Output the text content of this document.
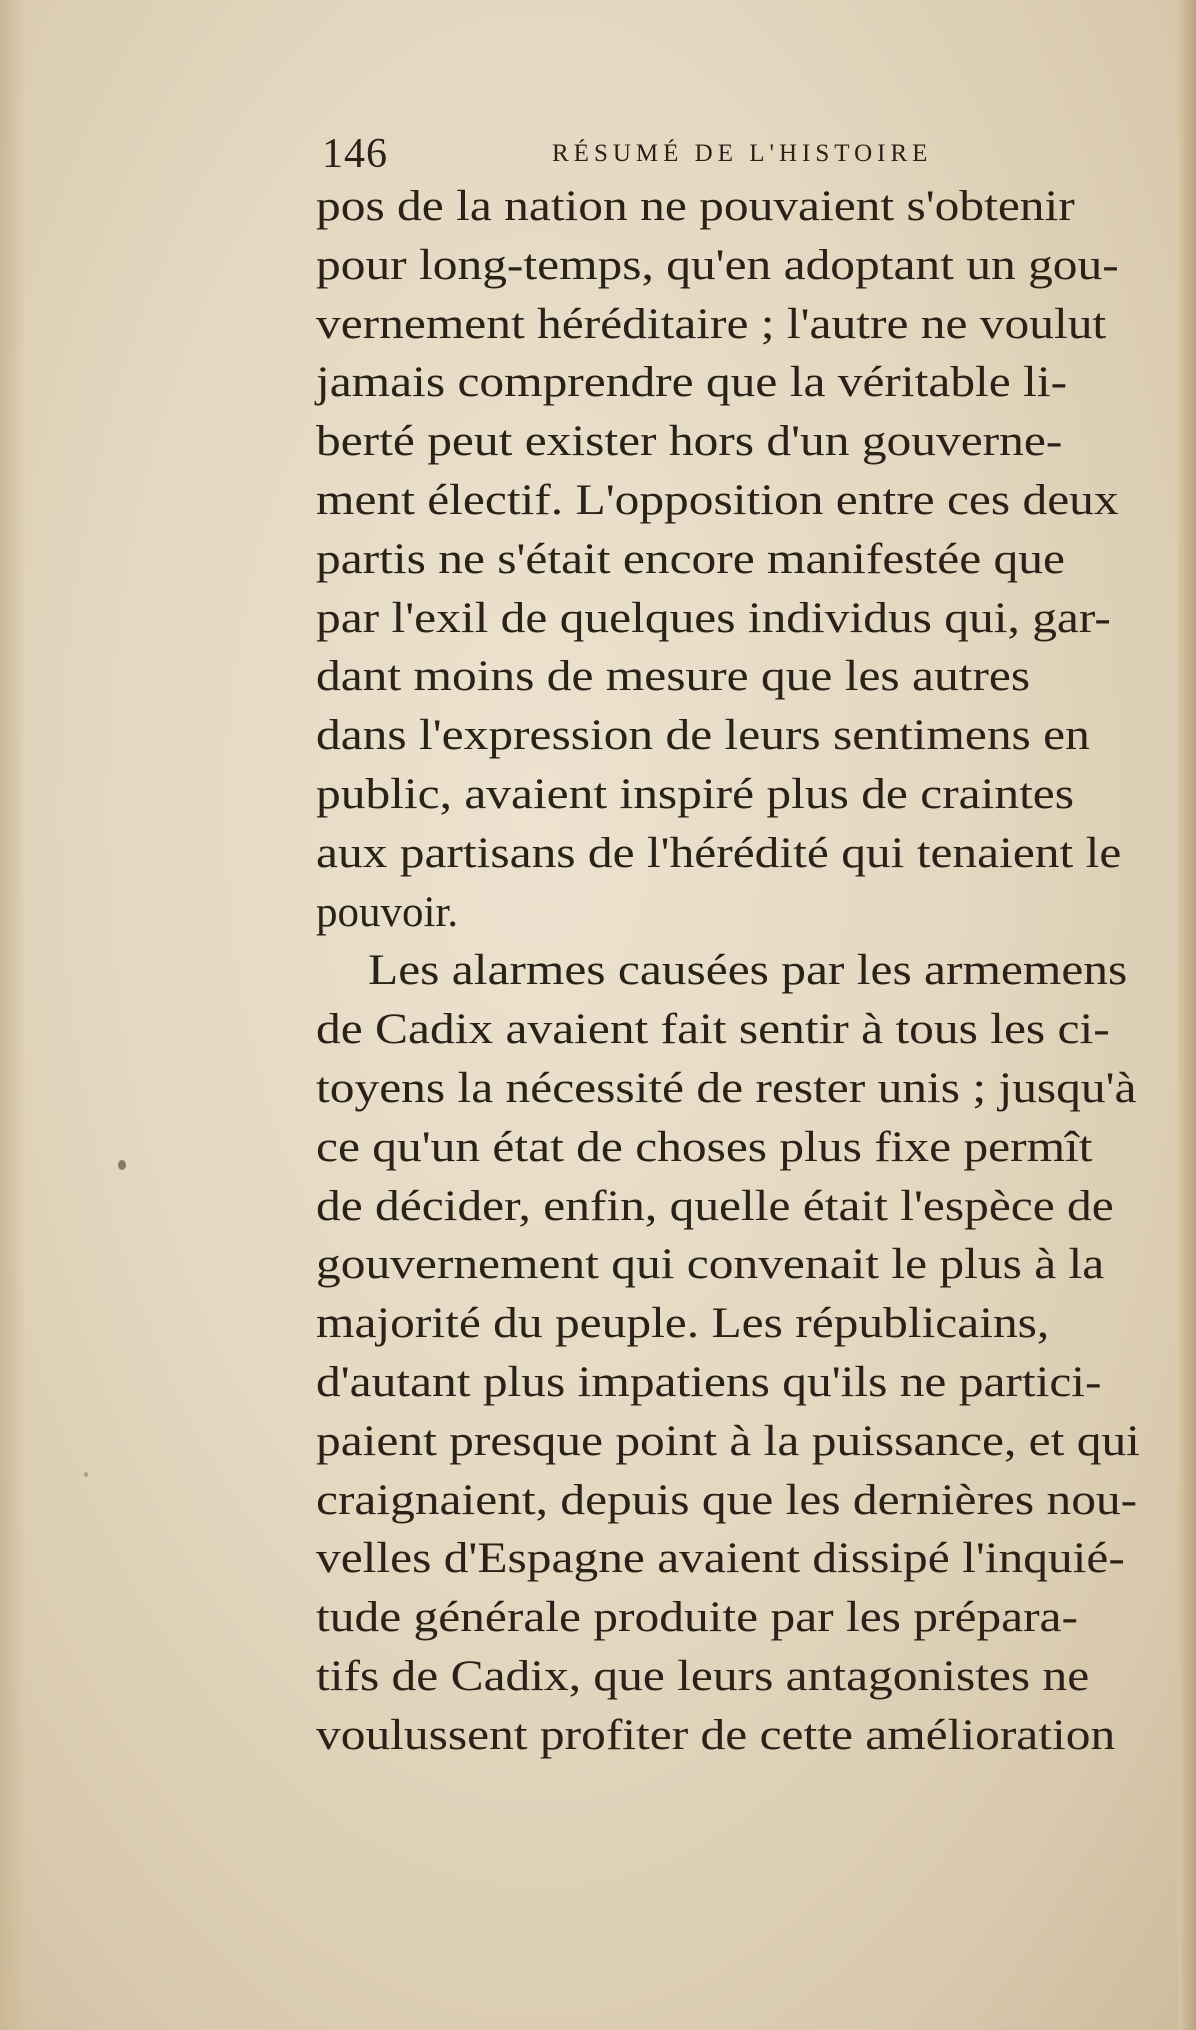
146	RÉSUMÉ DE L'HISTOIRE
pos de la nation ne pouvaient s'obtenir
pour long-temps, qu'en adoptant un gou-
vernement héréditaire ; l'autre ne voulut
jamais comprendre que la véritable li-
berté peut exister hors d'un gouverne-
ment électif. L'opposition entre ces deux
partis ne s'était encore manifestée que
par l'exil de quelques individus qui, gar-
dant moins de mesure que les autres
dans l'expression de leurs sentimens en
public, avaient inspiré plus de craintes
aux partisans de l'hérédité qui tenaient le
pouvoir.
Les alarmes causées par les armemens
de Cadix avaient fait sentir à tous les ci-
toyens la nécessité de rester unis ; jusqu'à
ce qu'un état de choses plus fixe permît
de décider, enfin, quelle était l'espèce de
gouvernement qui convenait le plus à la
majorité du peuple. Les républicains,
d'autant plus impatiens qu'ils ne partici-
paient presque point à la puissance, et qui
craignaient, depuis que les dernières nou-
velles d'Espagne avaient dissipé l'inquié-
tude générale produite par les prépara-
tifs de Cadix, que leurs antagonistes ne
voulussent profiter de cette amélioration
